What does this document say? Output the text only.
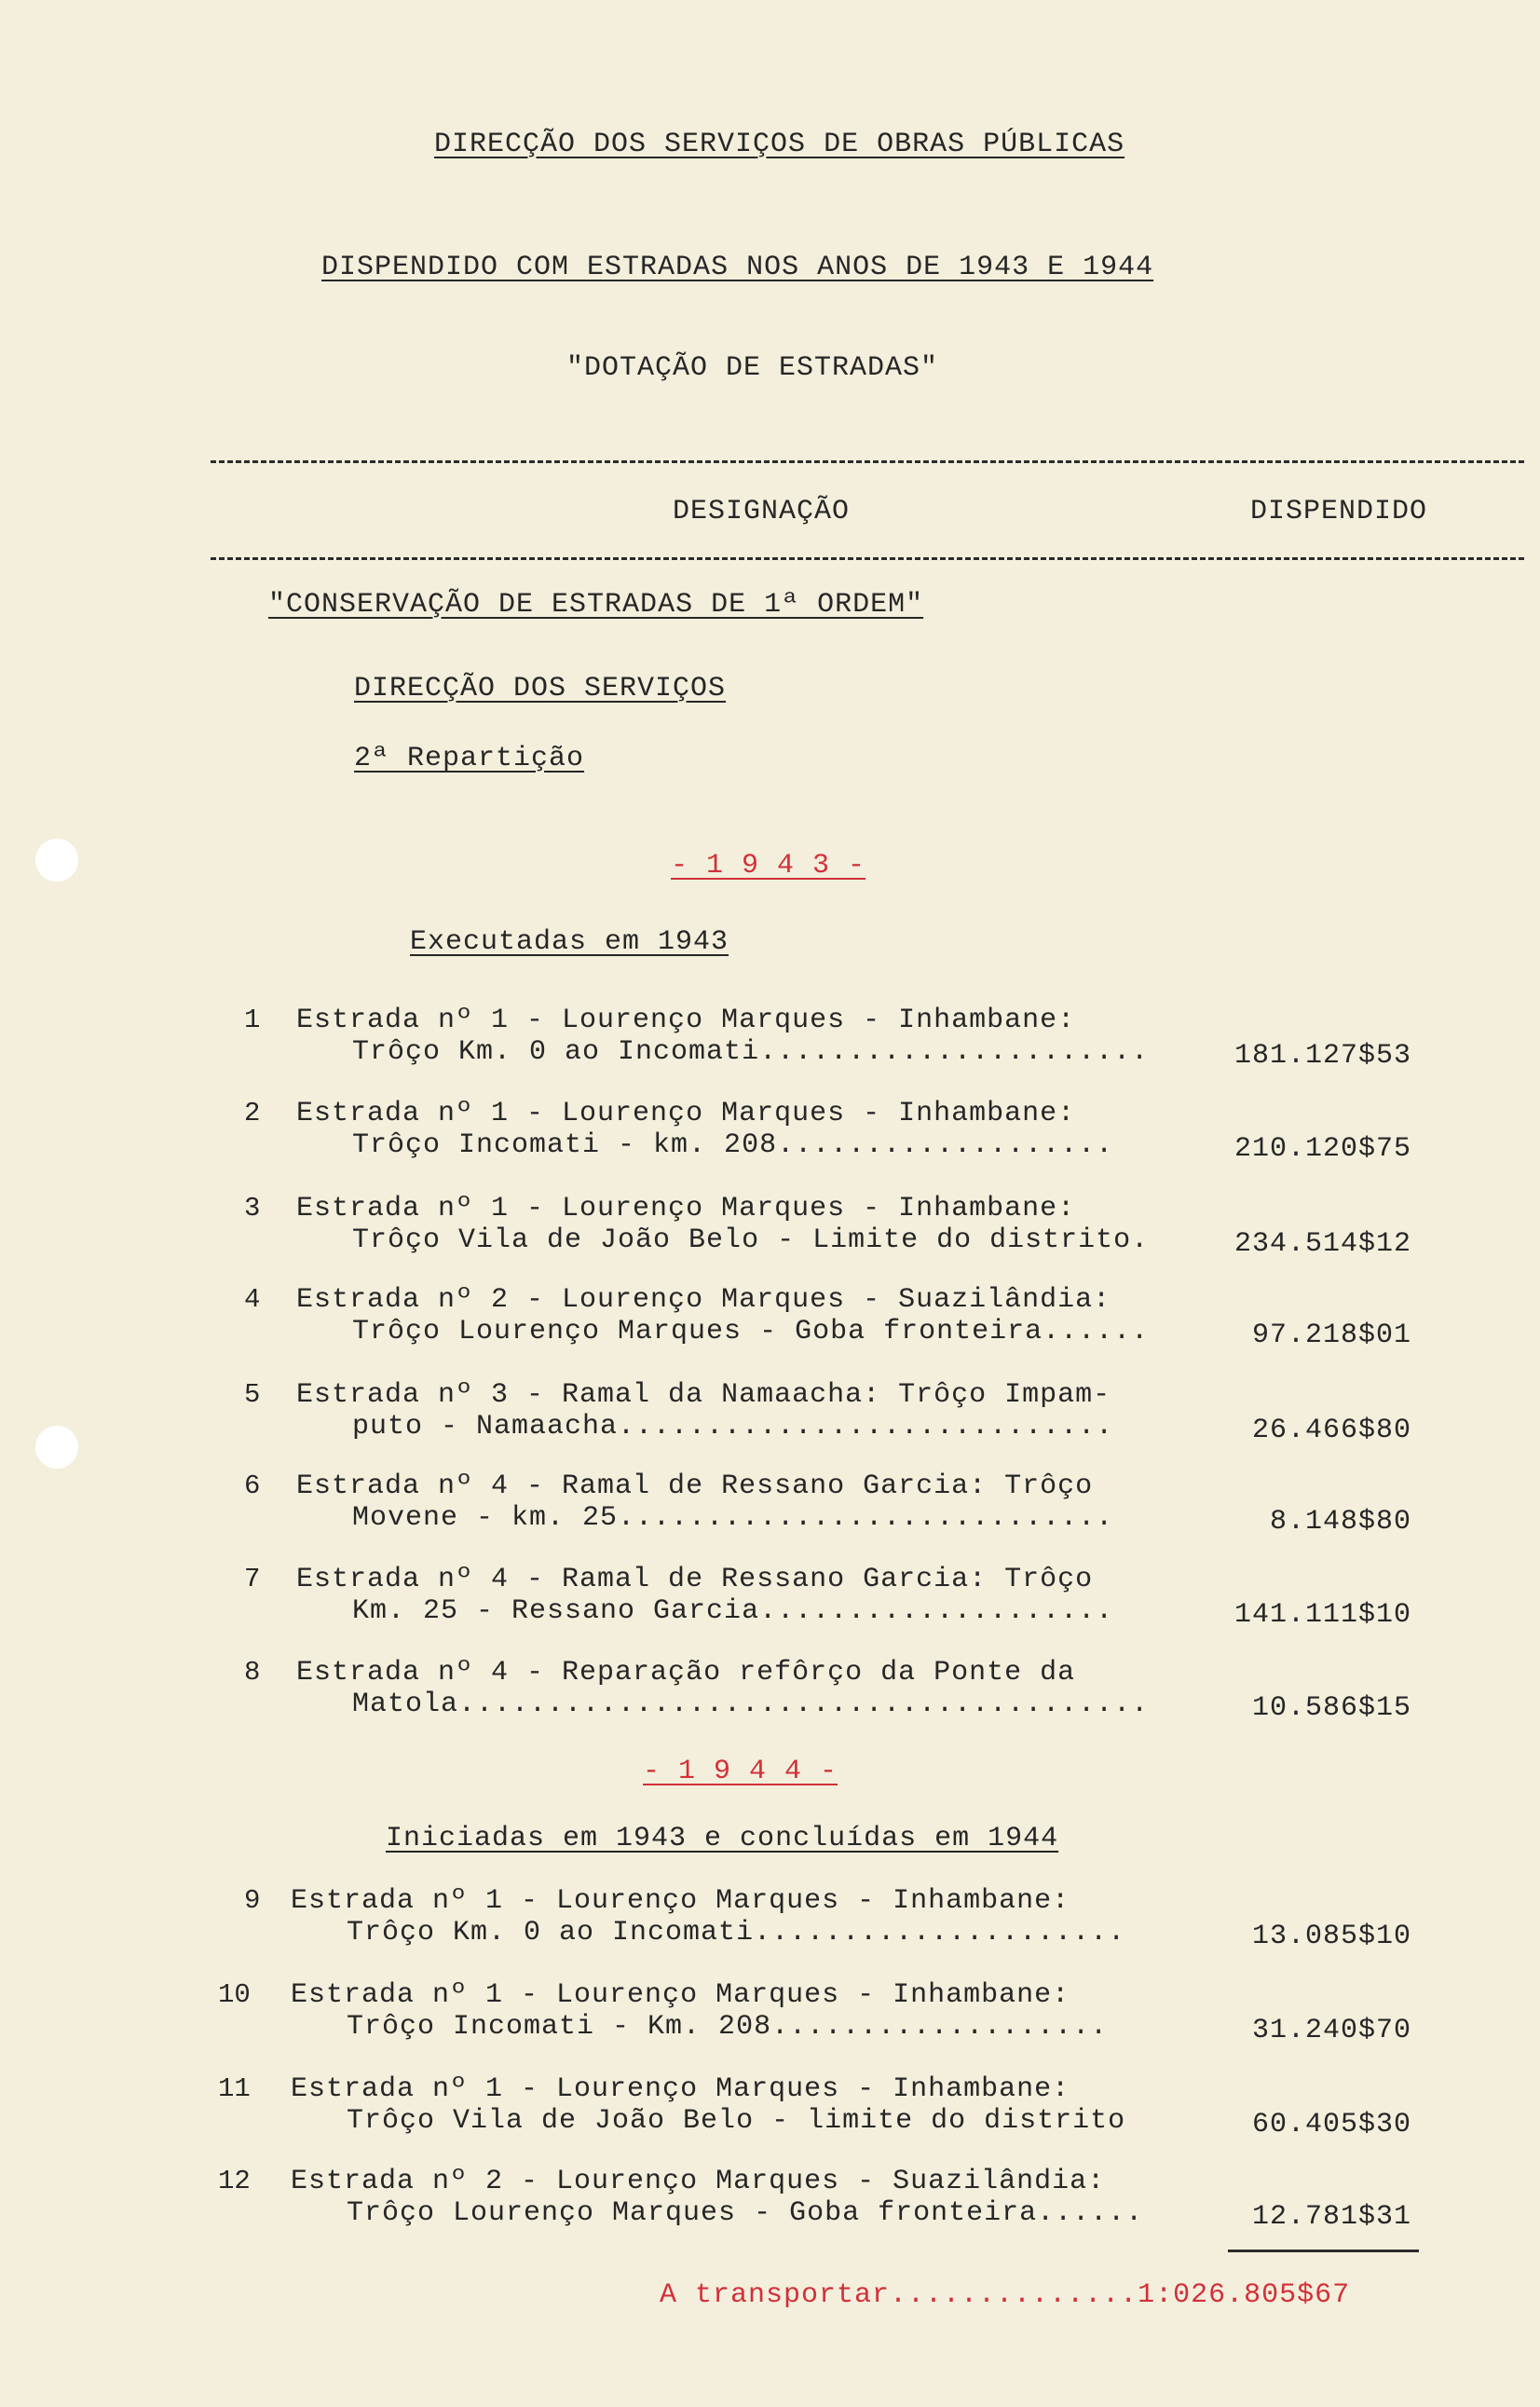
DIRECÇÃO DOS SERVIÇOS DE OBRAS PÚBLICAS
DISPENDIDO COM ESTRADAS NOS ANOS DE 1943 E 1944
"DOTAÇÃO DE ESTRADAS"
DESIGNAÇÃO	DISPENDIDO
"CONSERVAÇÃO DE ESTRADAS DE 1ª ORDEM"
DIRECÇÃO DOS SERVIÇOS
2ª Repartição
- 1 9 4 3 -
Executadas em 1943
1 Estrada nº 1 - Lourenço Marques - Inhambane:
Trôço Km. 0 ao Incomati......................	181.127$53
2 Estrada nº 1 - Lourenço Marques - Inhambane:
Trôço Incomati - km. 208...................	210.120$75
3 Estrada nº 1 - Lourenço Marques - Inhambane:
Trôço Vila de João Belo - Limite do distrito.	234.514$12
4 Estrada nº 2 - Lourenço Marques - Suazilândia:
Trôço Lourenço Marques - Goba fronteira......	97.218$01
5 Estrada nº 3 - Ramal da Namaacha: Trôço Impam-
puto - Namaacha............................	26.466$80
6 Estrada nº 4 - Ramal de Ressano Garcia: Trôço
Movene - km. 25............................	8.148$80
7 Estrada nº 4 - Ramal de Ressano Garcia: Trôço
Km. 25 - Ressano Garcia....................	141.111$10
8 Estrada nº 4 - Reparação refôrço da Ponte da
Matola.......................................	10.586$15
- 1 9 4 4 -
Iniciadas em 1943 e concluídas em 1944
9 Estrada nº 1 - Lourenço Marques - Inhambane:
Trôço Km. 0 ao Incomati.....................	13.085$10
10 Estrada nº 1 - Lourenço Marques - Inhambane:
Trôço Incomati - Km. 208...................	31.240$70
11 Estrada nº 1 - Lourenço Marques - Inhambane:
Trôço Vila de João Belo - limite do distrito	60.405$30
12 Estrada nº 2 - Lourenço Marques - Suazilândia:
Trôço Lourenço Marques - Goba fronteira......	12.781$31
A transportar..............1:026.805$67
